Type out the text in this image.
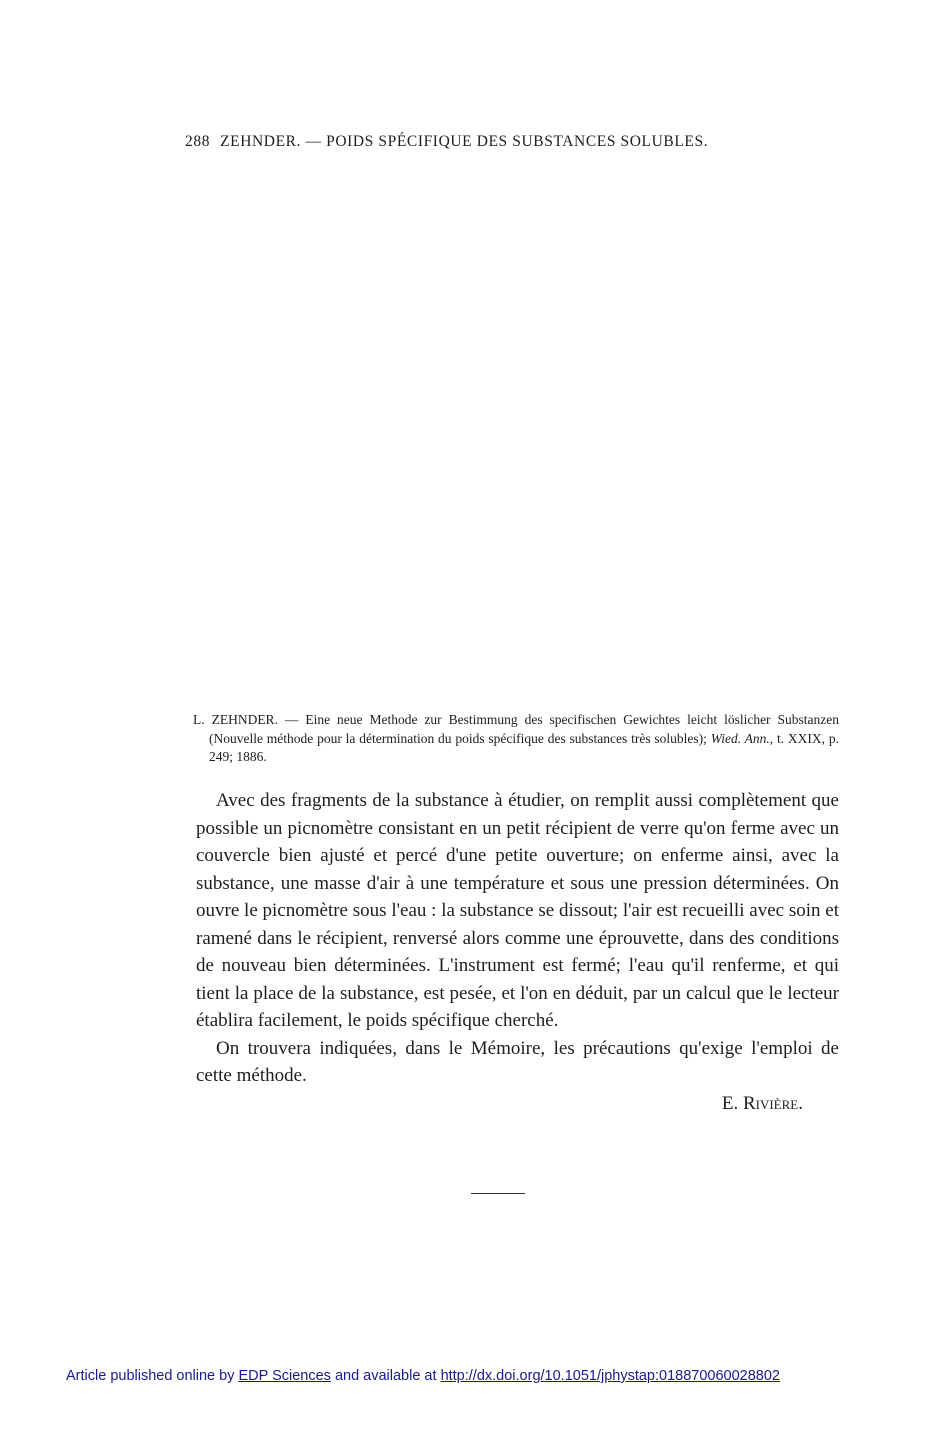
288 ZEHNDER. — POIDS SPÉCIFIQUE DES SUBSTANCES SOLUBLES.
L. ZEHNDER. — Eine neue Methode zur Bestimmung des specifischen Gewichtes leicht löslicher Substanzen (Nouvelle méthode pour la détermination du poids spécifique des substances très solubles); Wied. Ann., t. XXIX, p. 249; 1886.

Avec des fragments de la substance à étudier, on remplit aussi complètement que possible un picnomètre consistant en un petit récipient de verre qu'on ferme avec un couvercle bien ajusté et percé d'une petite ouverture; on enferme ainsi, avec la substance, une masse d'air à une température et sous une pression déterminées. On ouvre le picnomètre sous l'eau : la substance se dissout; l'air est recueilli avec soin et ramené dans le récipient, renversé alors comme une éprouvette, dans des conditions de nouveau bien déterminées. L'instrument est fermé; l'eau qu'il renferme, et qui tient la place de la substance, est pesée, et l'on en déduit, par un calcul que le lecteur établira facilement, le poids spécifique cherché.

On trouvera indiquées, dans le Mémoire, les précautions qu'exige l'emploi de cette méthode.

E. Rivière.
Article published online by EDP Sciences and available at http://dx.doi.org/10.1051/jphystap:018870060028802
